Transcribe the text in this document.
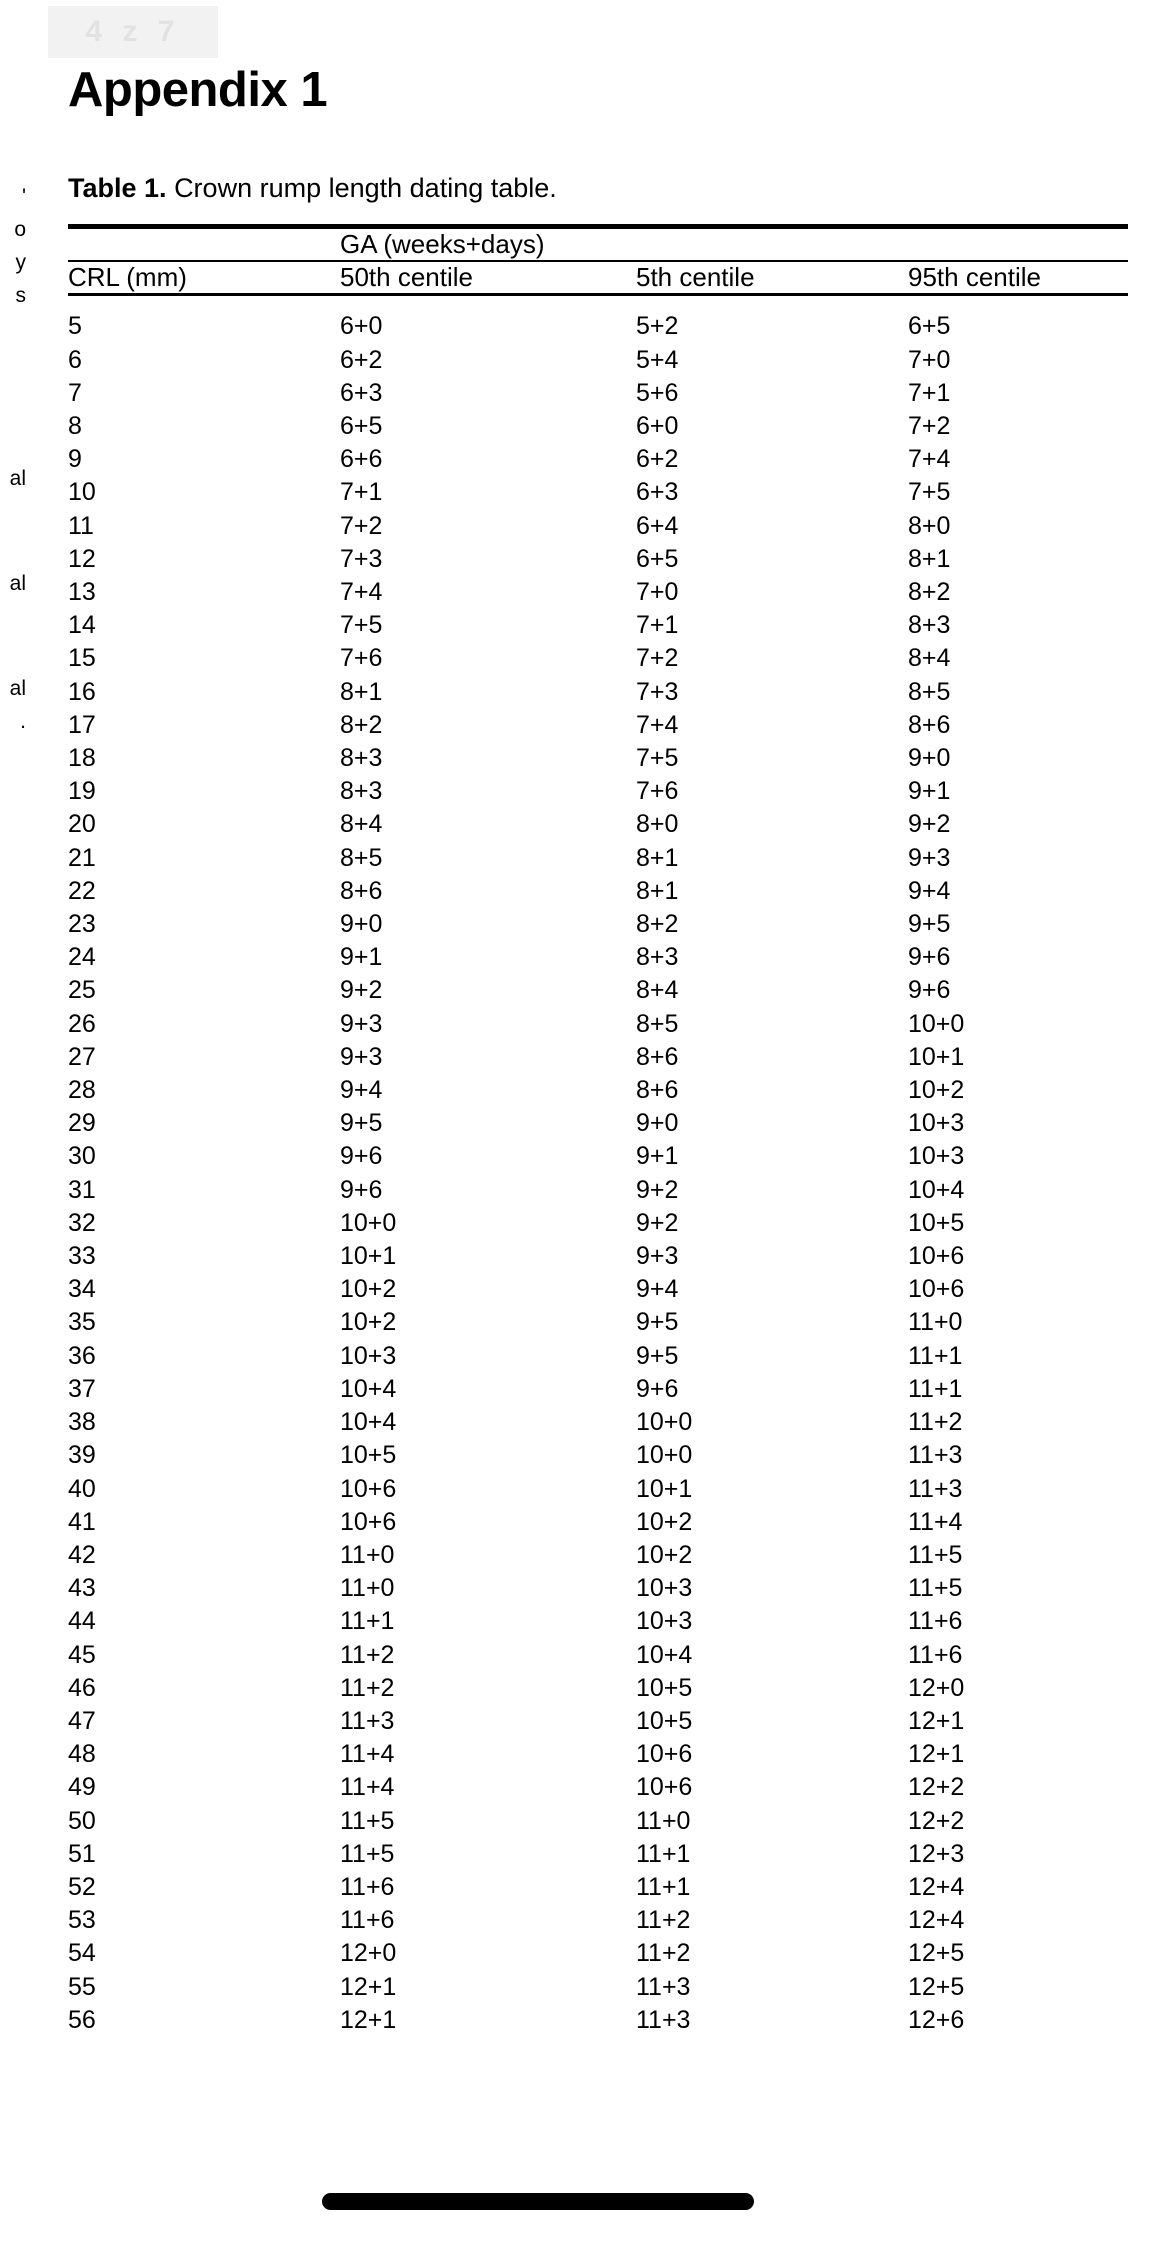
4 z 7
'
o
y
s
al
al
al
.
Appendix 1

Table 1. Crown rump length dating table.

	GA (weeks+days)		

CRL (mm)	50th centile	5th centile	95th centile

5	6+0	5+2	6+5
6	6+2	5+4	7+0
7	6+3	5+6	7+1
8	6+5	6+0	7+2
9	6+6	6+2	7+4
10	7+1	6+3	7+5
11	7+2	6+4	8+0
12	7+3	6+5	8+1
13	7+4	7+0	8+2
14	7+5	7+1	8+3
15	7+6	7+2	8+4
16	8+1	7+3	8+5
17	8+2	7+4	8+6
18	8+3	7+5	9+0
19	8+3	7+6	9+1
20	8+4	8+0	9+2
21	8+5	8+1	9+3
22	8+6	8+1	9+4
23	9+0	8+2	9+5
24	9+1	8+3	9+6
25	9+2	8+4	9+6
26	9+3	8+5	10+0
27	9+3	8+6	10+1
28	9+4	8+6	10+2
29	9+5	9+0	10+3
30	9+6	9+1	10+3
31	9+6	9+2	10+4
32	10+0	9+2	10+5
33	10+1	9+3	10+6
34	10+2	9+4	10+6
35	10+2	9+5	11+0
36	10+3	9+5	11+1
37	10+4	9+6	11+1
38	10+4	10+0	11+2
39	10+5	10+0	11+3
40	10+6	10+1	11+3
41	10+6	10+2	11+4
42	11+0	10+2	11+5
43	11+0	10+3	11+5
44	11+1	10+3	11+6
45	11+2	10+4	11+6
46	11+2	10+5	12+0
47	11+3	10+5	12+1
48	11+4	10+6	12+1
49	11+4	10+6	12+2
50	11+5	11+0	12+2
51	11+5	11+1	12+3
52	11+6	11+1	12+4
53	11+6	11+2	12+4
54	12+0	11+2	12+5
55	12+1	11+3	12+5
56	12+1	11+3	12+6
